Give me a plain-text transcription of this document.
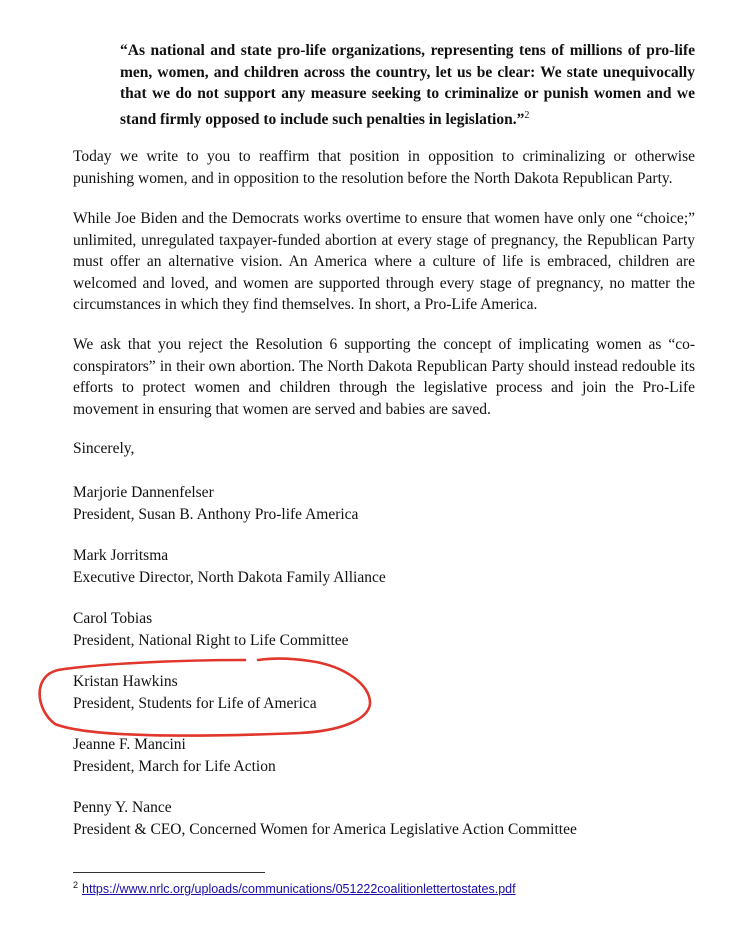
“As national and state pro-life organizations, representing tens of millions of pro-life men, women, and children across the country, let us be clear: We state unequivocally that we do not support any measure seeking to criminalize or punish women and we stand firmly opposed to include such penalties in legislation.”$^2$

Today we write to you to reaffirm that position in opposition to criminalizing or otherwise punishing women, and in opposition to the resolution before the North Dakota Republican Party.

While Joe Biden and the Democrats works overtime to ensure that women have only one “choice;” unlimited, unregulated taxpayer-funded abortion at every stage of pregnancy, the Republican Party must offer an alternative vision. An America where a culture of life is embraced, children are welcomed and loved, and women are supported through every stage of pregnancy, no matter the circumstances in which they find themselves. In short, a Pro-Life America.

We ask that you reject the Resolution 6 supporting the concept of implicating women as “co-conspirators” in their own abortion. The North Dakota Republican Party should instead redouble its efforts to protect women and children through the legislative process and join the Pro-Life movement in ensuring that women are served and babies are saved.

Sincerely,
Marjorie Dannenfelser
President, Susan B. Anthony Pro-life America
Mark Jorritsma
Executive Director, North Dakota Family Alliance
Carol Tobias
President, National Right to Life Committee
Kristan Hawkins
President, Students for Life of America
Jeanne F. Mancini
President, March for Life Action
Penny Y. Nance
President & CEO, Concerned Women for America Legislative Action Committee
$^2$ https://www.nrlc.org/uploads/communications/051222coalitionlettertostates.pdf
